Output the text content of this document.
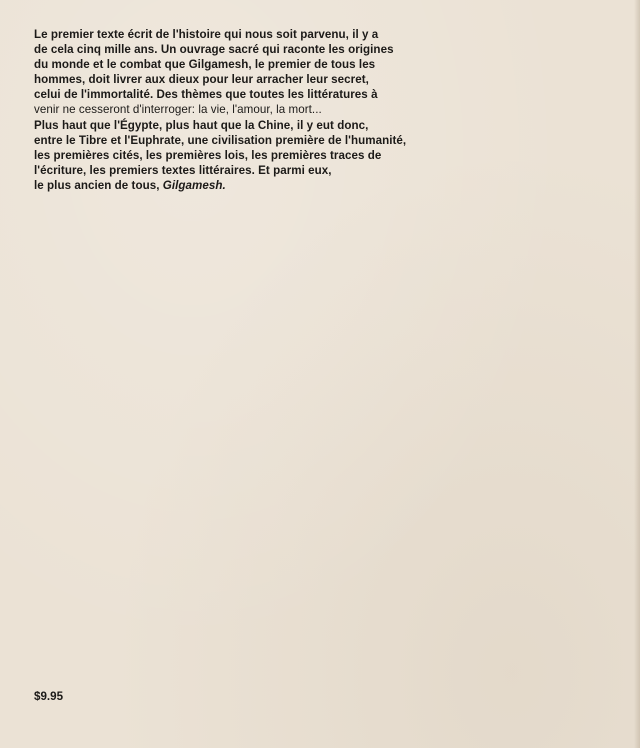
Le premier texte écrit de l'histoire qui nous soit parvenu, il y a
de cela cinq mille ans. Un ouvrage sacré qui raconte les origines
du monde et le combat que Gilgamesh, le premier de tous les
hommes, doit livrer aux dieux pour leur arracher leur secret,
celui de l'immortalité. Des thèmes que toutes les littératures à
venir ne cesseront d'interroger: la vie, l'amour, la mort...
Plus haut que l'Égypte, plus haut que la Chine, il y eut donc,
entre le Tibre et l'Euphrate, une civilisation première de l'humanité,
les premières cités, les premières lois, les premières traces de
l'écriture, les premiers textes littéraires. Et parmi eux,
le plus ancien de tous, Gilgamesh.

$9.95
